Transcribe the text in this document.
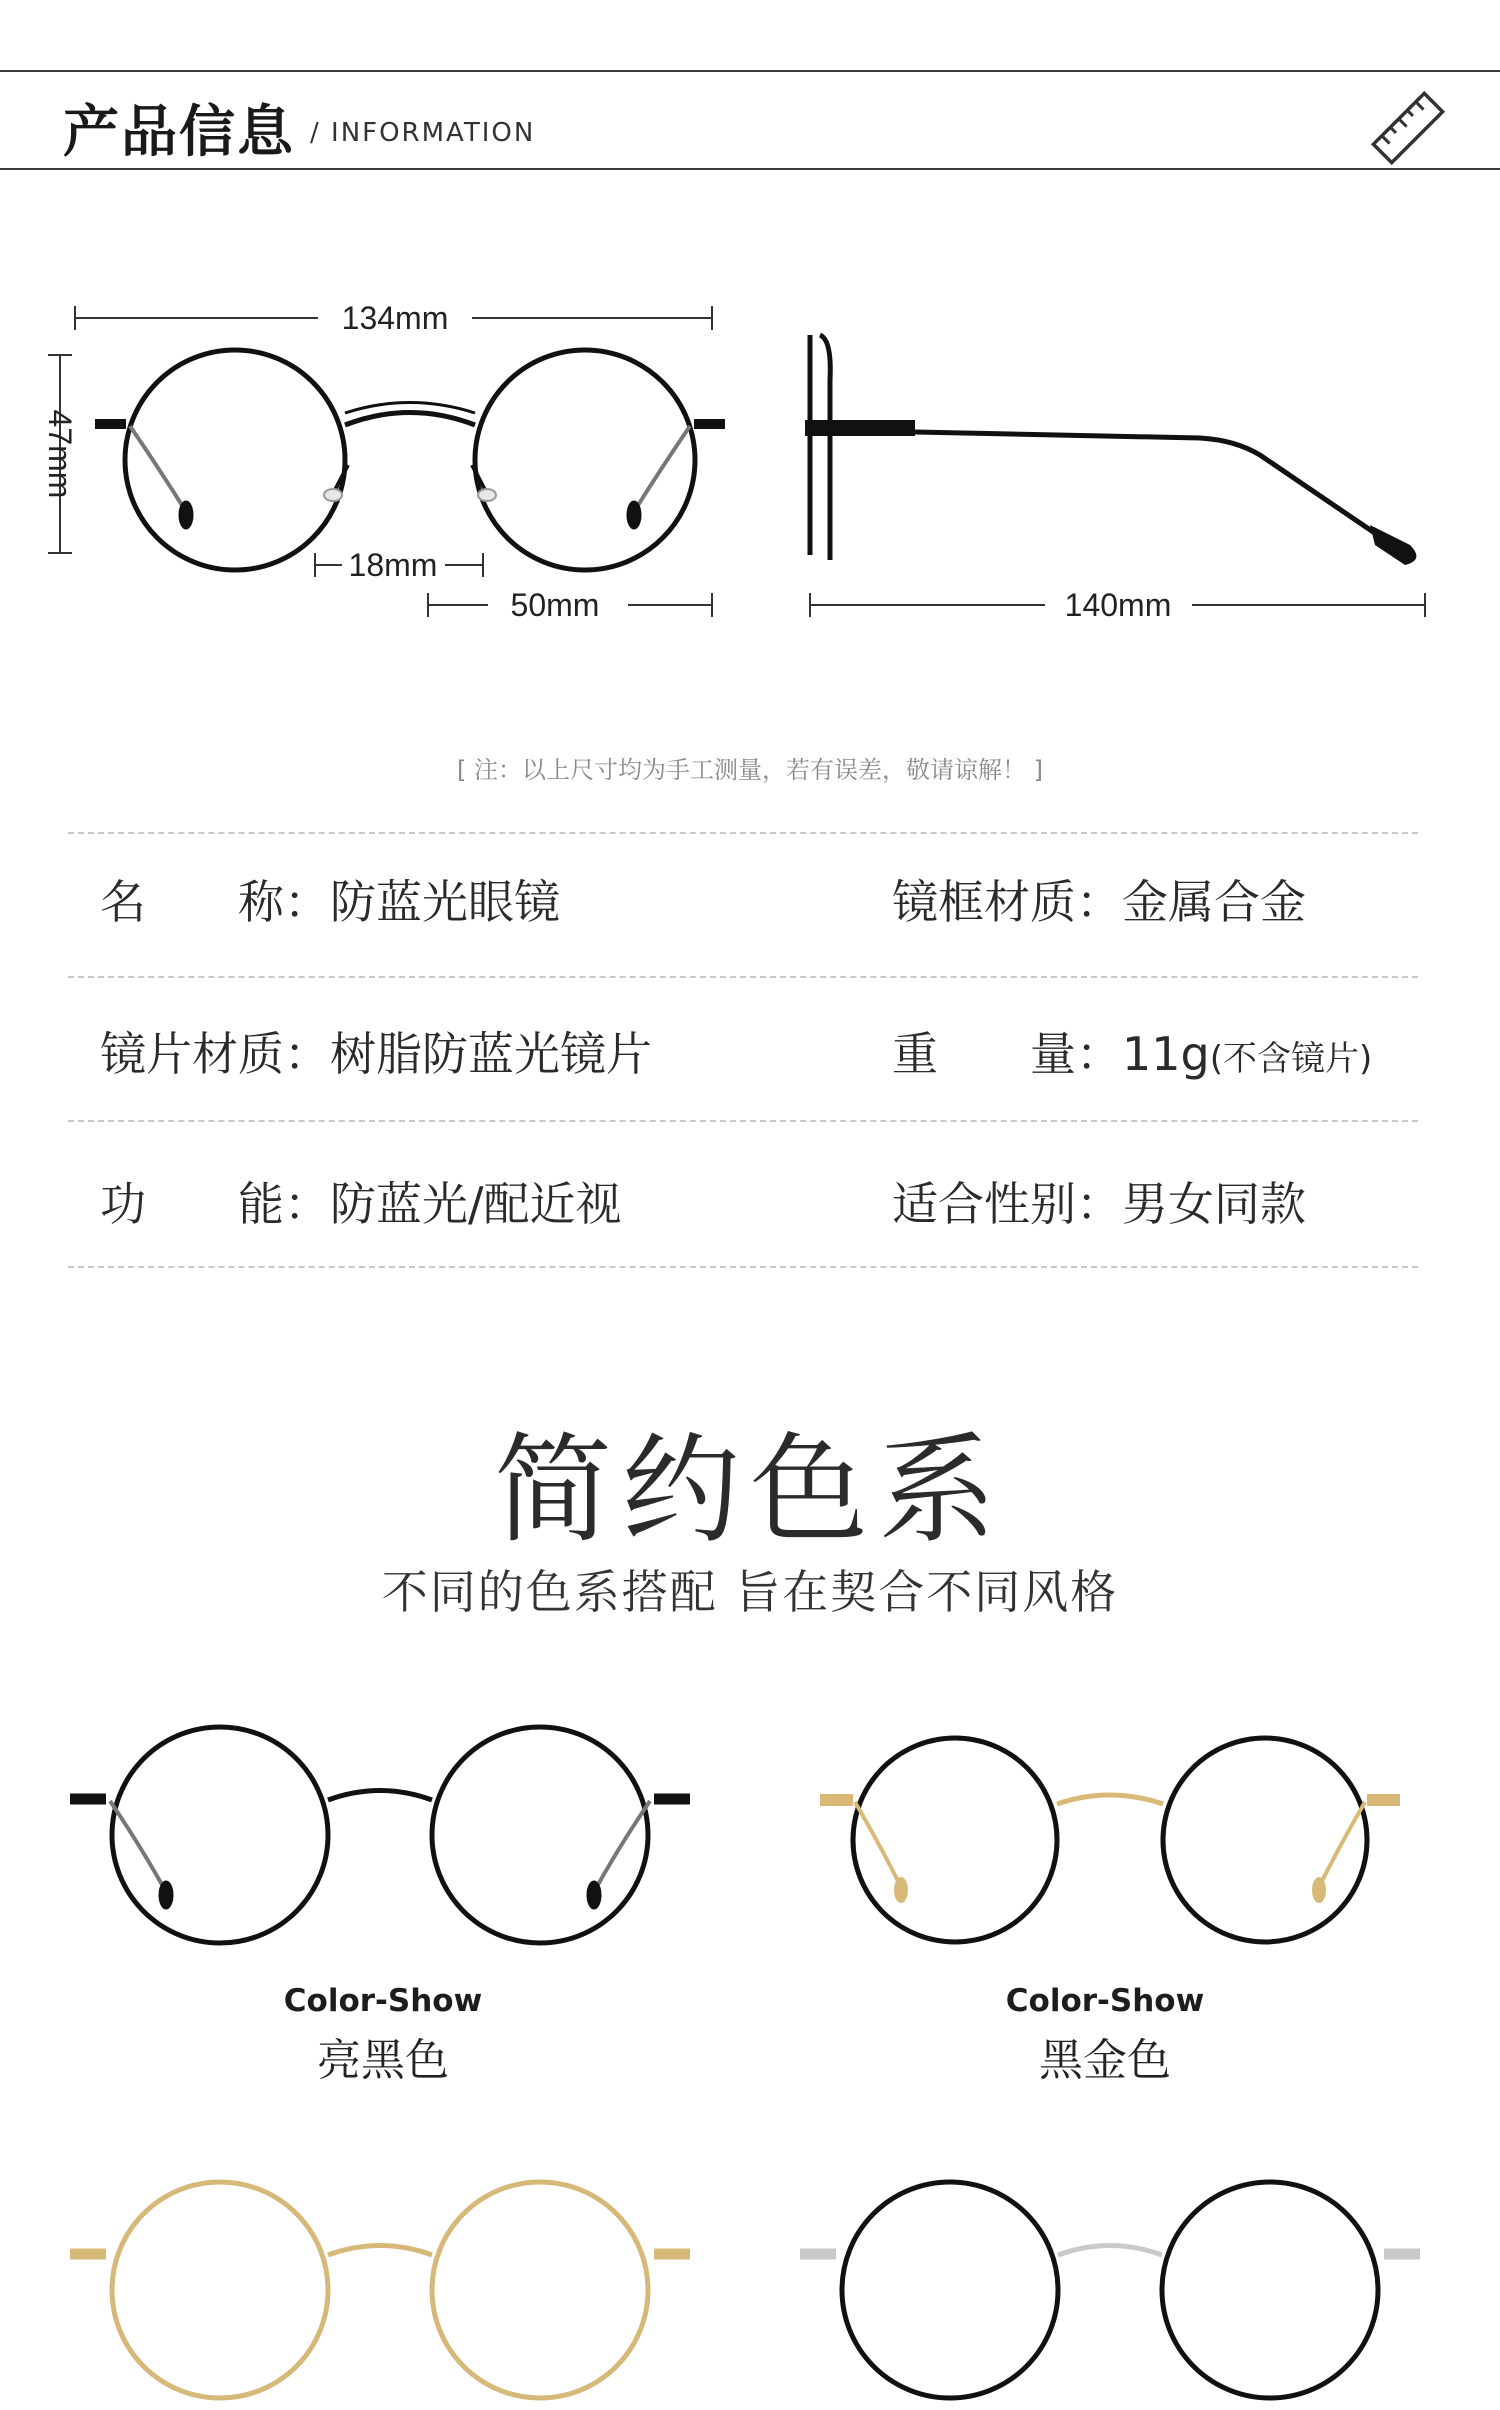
产品信息 / INFORMATION
134mm
47mm
18mm
50mm	140mm
[ 注：以上尺寸均为手工测量，若有误差，敬请谅解！ ]
名　　称：防蓝光眼镜	镜框材质：金属合金
镜片材质：树脂防蓝光镜片	重　　量：11g(不含镜片)
功　　能：防蓝光/配近视	适合性别：男女同款
简约色系
不同的色系搭配 旨在契合不同风格
Color-Show
亮黑色
Color-Show
黑金色
